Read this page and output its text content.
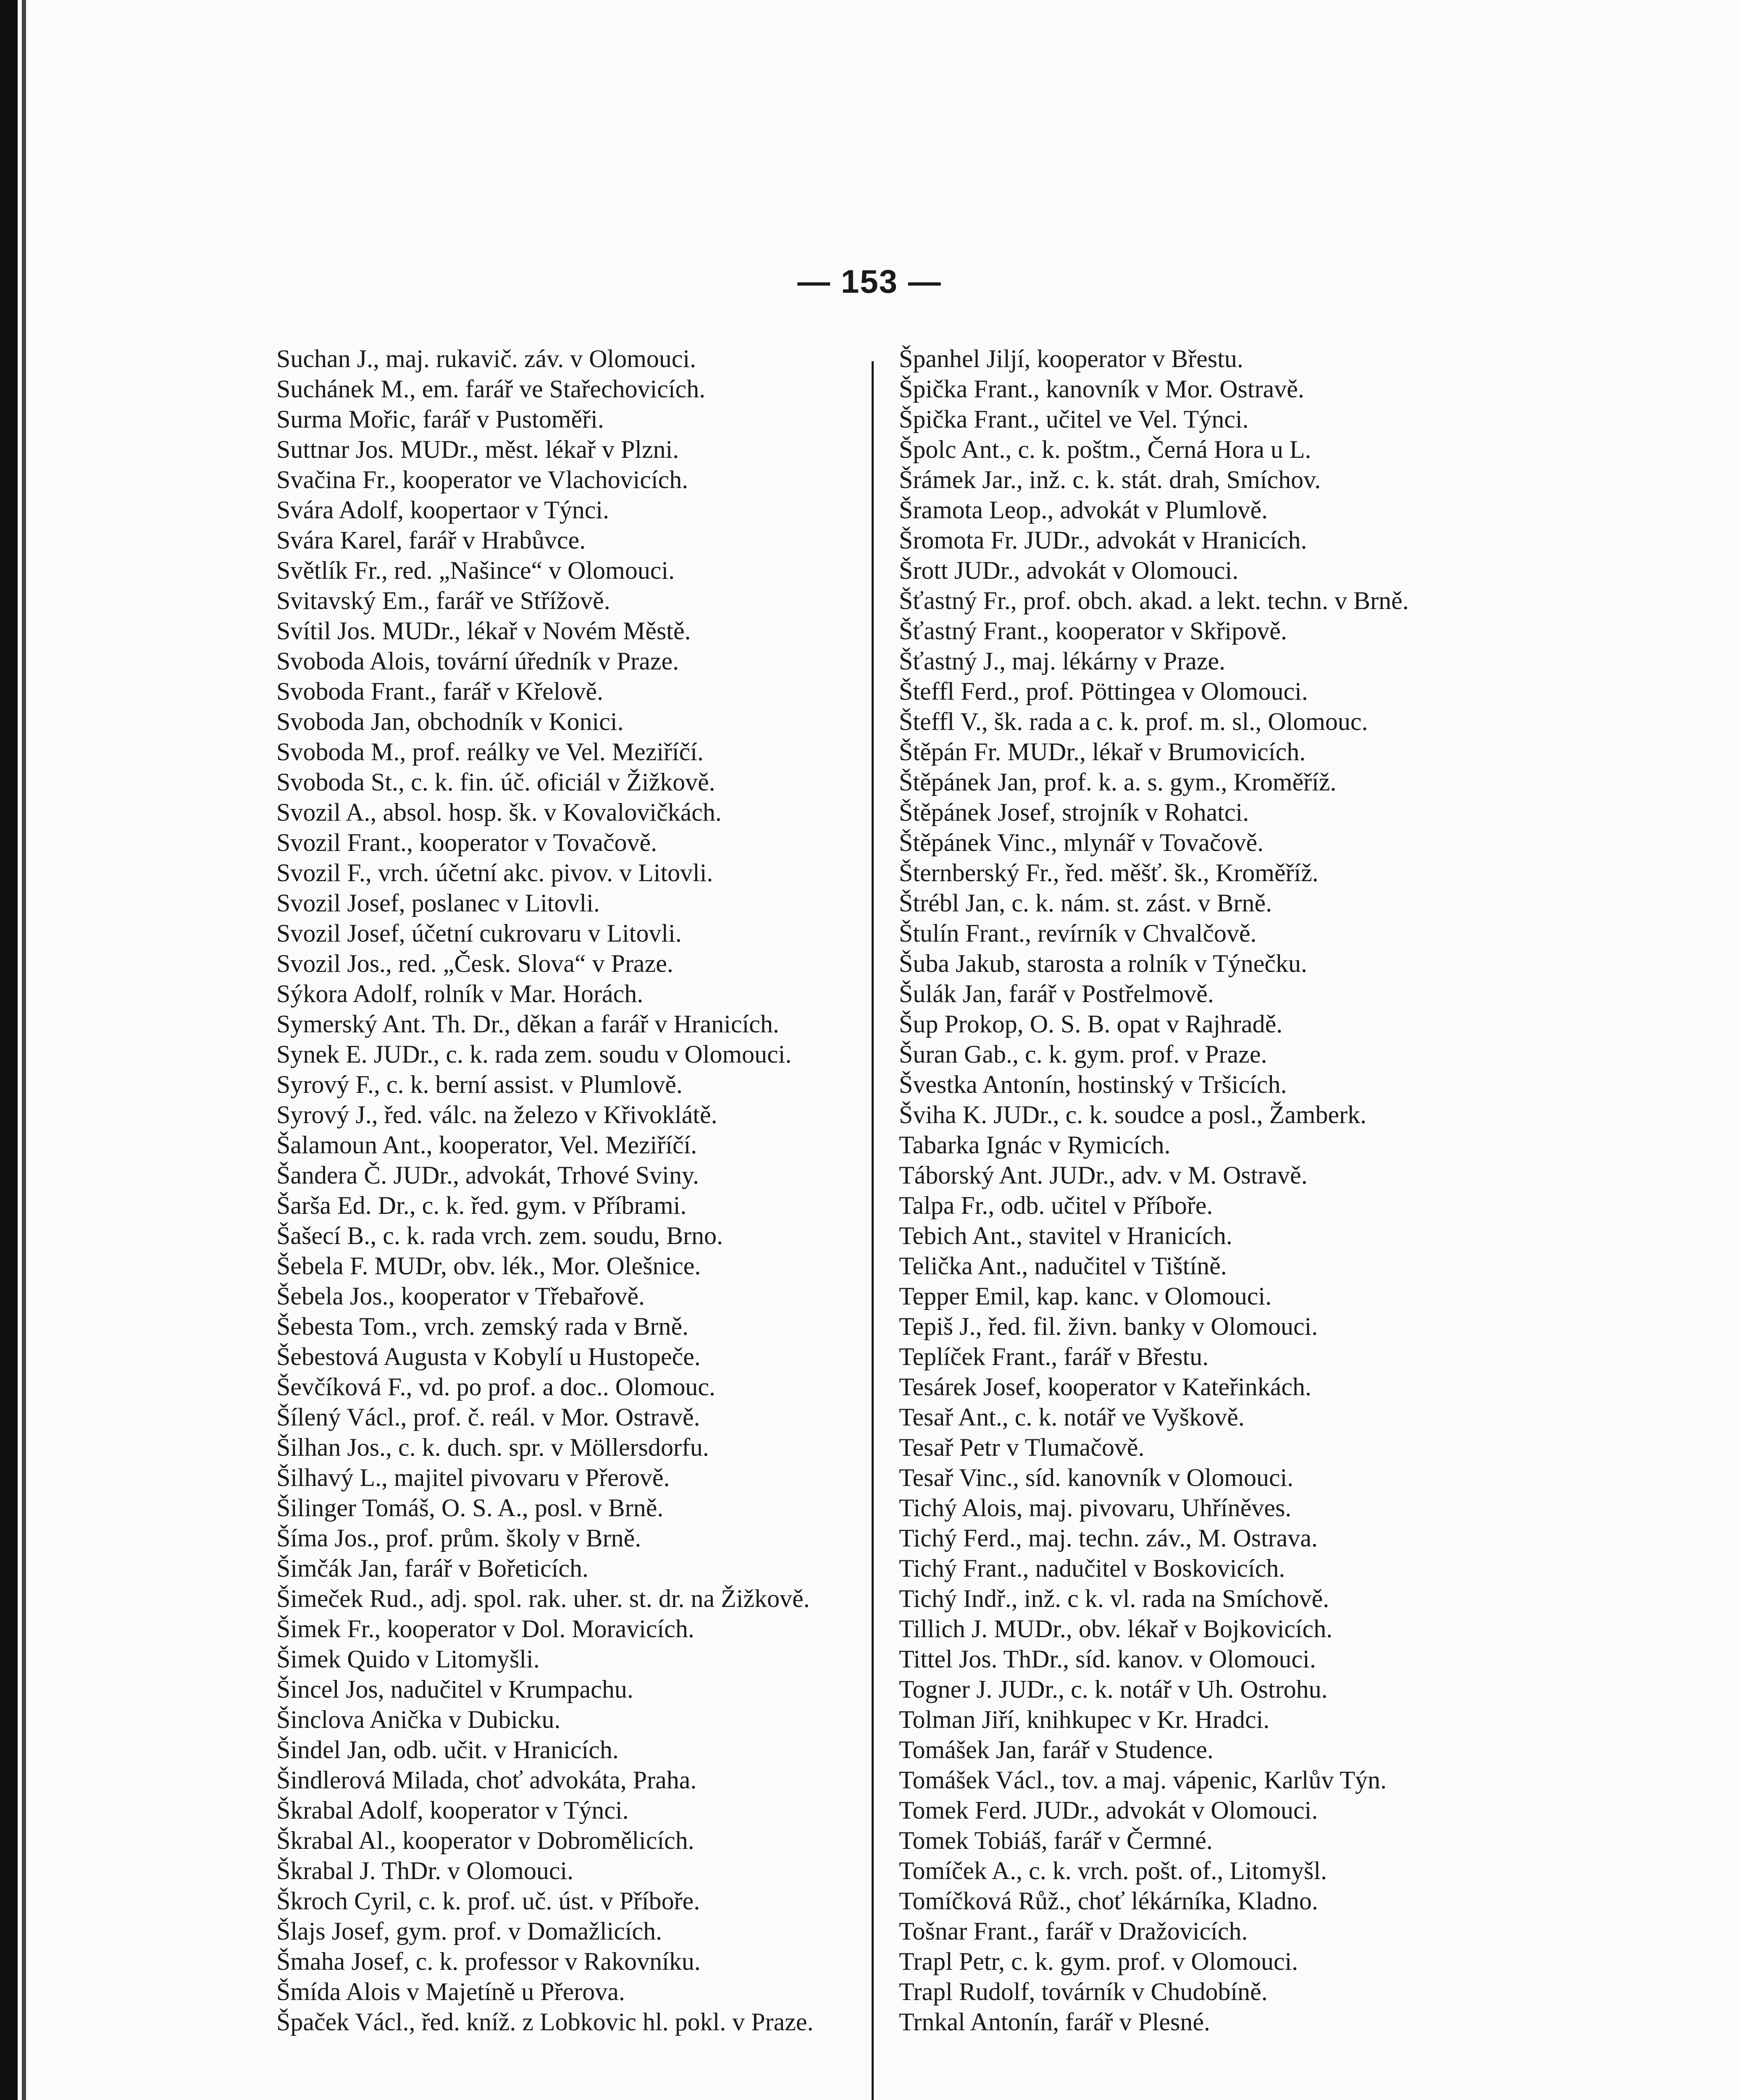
— 153 —
Suchan J., maj. rukavič. záv. v Olomouci.
Suchánek M., em. farář ve Stařechovicích.
Surma Mořic, farář v Pustoměři.
Suttnar Jos. MUDr., měst. lékař v Plzni.
Svačina Fr., kooperator ve Vlachovicích.
Svára Adolf, koopertaor v Týnci.
Svára Karel, farář v Hrabůvce.
Světlík Fr., red. „Našince“ v Olomouci.
Svitavský Em., farář ve Střížově.
Svítil Jos. MUDr., lékař v Novém Městě.
Svoboda Alois, tovární úředník v Praze.
Svoboda Frant., farář v Křelově.
Svoboda Jan, obchodník v Konici.
Svoboda M., prof. reálky ve Vel. Meziříčí.
Svoboda St., c. k. fin. úč. oficiál v Žižkově.
Svozil A., absol. hosp. šk. v Kovalovičkách.
Svozil Frant., kooperator v Tovačově.
Svozil F., vrch. účetní akc. pivov. v Litovli.
Svozil Josef, poslanec v Litovli.
Svozil Josef, účetní cukrovaru v Litovli.
Svozil Jos., red. „Česk. Slova“ v Praze.
Sýkora Adolf, rolník v Mar. Horách.
Symerský Ant. Th. Dr., děkan a farář v Hranicích.
Synek E. JUDr., c. k. rada zem. soudu v Olomouci.
Syrový F., c. k. berní assist. v Plumlově.
Syrový J., řed. válc. na železo v Křivoklátě.
Šalamoun Ant., kooperator, Vel. Meziříčí.
Šandera Č. JUDr., advokát, Trhové Sviny.
Šarša Ed. Dr., c. k. řed. gym. v Příbrami.
Šašecí B., c. k. rada vrch. zem. soudu, Brno.
Šebela F. MUDr, obv. lék., Mor. Olešnice.
Šebela Jos., kooperator v Třebařově.
Šebesta Tom., vrch. zemský rada v Brně.
Šebestová Augusta v Kobylí u Hustopeče.
Ševčíková F., vd. po prof. a doc.. Olomouc.
Šílený Václ., prof. č. reál. v Mor. Ostravě.
Šilhan Jos., c. k. duch. spr. v Möllersdorfu.
Šilhavý L., majitel pivovaru v Přerově.
Šilinger Tomáš, O. S. A., posl. v Brně.
Šíma Jos., prof. prům. školy v Brně.
Šimčák Jan, farář v Bořeticích.
Šimeček Rud., adj. spol. rak. uher. st. dr. na Žižkově.
Šimek Fr., kooperator v Dol. Moravicích.
Šimek Quido v Litomyšli.
Šincel Jos, nadučitel v Krumpachu.
Šinclova Anička v Dubicku.
Šindel Jan, odb. učit. v Hranicích.
Šindlerová Milada, choť advokáta, Praha.
Škrabal Adolf, kooperator v Týnci.
Škrabal Al., kooperator v Dobromělicích.
Škrabal J. ThDr. v Olomouci.
Škroch Cyril, c. k. prof. uč. úst. v Příboře.
Šlajs Josef, gym. prof. v Domažlicích.
Šmaha Josef, c. k. professor v Rakovníku.
Šmída Alois v Majetíně u Přerova.
Špaček Václ., řed. kníž. z Lobkovic hl. pokl. v Praze.
Španhel Jiljí, kooperator v Břestu.
Špička Frant., kanovník v Mor. Ostravě.
Špička Frant., učitel ve Vel. Týnci.
Špolc Ant., c. k. poštm., Černá Hora u L.
Šrámek Jar., inž. c. k. stát. drah, Smíchov.
Šramota Leop., advokát v Plumlově.
Šromota Fr. JUDr., advokát v Hranicích.
Šrott JUDr., advokát v Olomouci.
Šťastný Fr., prof. obch. akad. a lekt. techn. v Brně.
Šťastný Frant., kooperator v Skřipově.
Šťastný J., maj. lékárny v Praze.
Šteffl Ferd., prof. Pöttingea v Olomouci.
Šteffl V., šk. rada a c. k. prof. m. sl., Olomouc.
Štěpán Fr. MUDr., lékař v Brumovicích.
Štěpánek Jan, prof. k. a. s. gym., Kroměříž.
Štěpánek Josef, strojník v Rohatci.
Štěpánek Vinc., mlynář v Tovačově.
Šternberský Fr., řed. měšť. šk., Kroměříž.
Štrébl Jan, c. k. nám. st. zást. v Brně.
Štulín Frant., revírník v Chvalčově.
Šuba Jakub, starosta a rolník v Týnečku.
Šulák Jan, farář v Postřelmově.
Šup Prokop, O. S. B. opat v Rajhradě.
Šuran Gab., c. k. gym. prof. v Praze.
Švestka Antonín, hostinský v Tršicích.
Šviha K. JUDr., c. k. soudce a posl., Žamberk.
Tabarka Ignác v Rymicích.
Táborský Ant. JUDr., adv. v M. Ostravě.
Talpa Fr., odb. učitel v Příboře.
Tebich Ant., stavitel v Hranicích.
Telička Ant., nadučitel v Tištíně.
Tepper Emil, kap. kanc. v Olomouci.
Tepiš J., řed. fil. živn. banky v Olomouci.
Teplíček Frant., farář v Břestu.
Tesárek Josef, kooperator v Kateřinkách.
Tesař Ant., c. k. notář ve Vyškově.
Tesař Petr v Tlumačově.
Tesař Vinc., síd. kanovník v Olomouci.
Tichý Alois, maj. pivovaru, Uhříněves.
Tichý Ferd., maj. techn. záv., M. Ostrava.
Tichý Frant., nadučitel v Boskovicích.
Tichý Indř., inž. c k. vl. rada na Smíchově.
Tillich J. MUDr., obv. lékař v Bojkovicích.
Tittel Jos. ThDr., síd. kanov. v Olomouci.
Togner J. JUDr., c. k. notář v Uh. Ostrohu.
Tolman Jiří, knihkupec v Kr. Hradci.
Tomášek Jan, farář v Studence.
Tomášek Václ., tov. a maj. vápenic, Karlův Týn.
Tomek Ferd. JUDr., advokát v Olomouci.
Tomek Tobiáš, farář v Čermné.
Tomíček A., c. k. vrch. pošt. of., Litomyšl.
Tomíčková Růž., choť lékárníka, Kladno.
Tošnar Frant., farář v Dražovicích.
Trapl Petr, c. k. gym. prof. v Olomouci.
Trapl Rudolf, továrník v Chudobíně.
Trnkal Antonín, farář v Plesné.
